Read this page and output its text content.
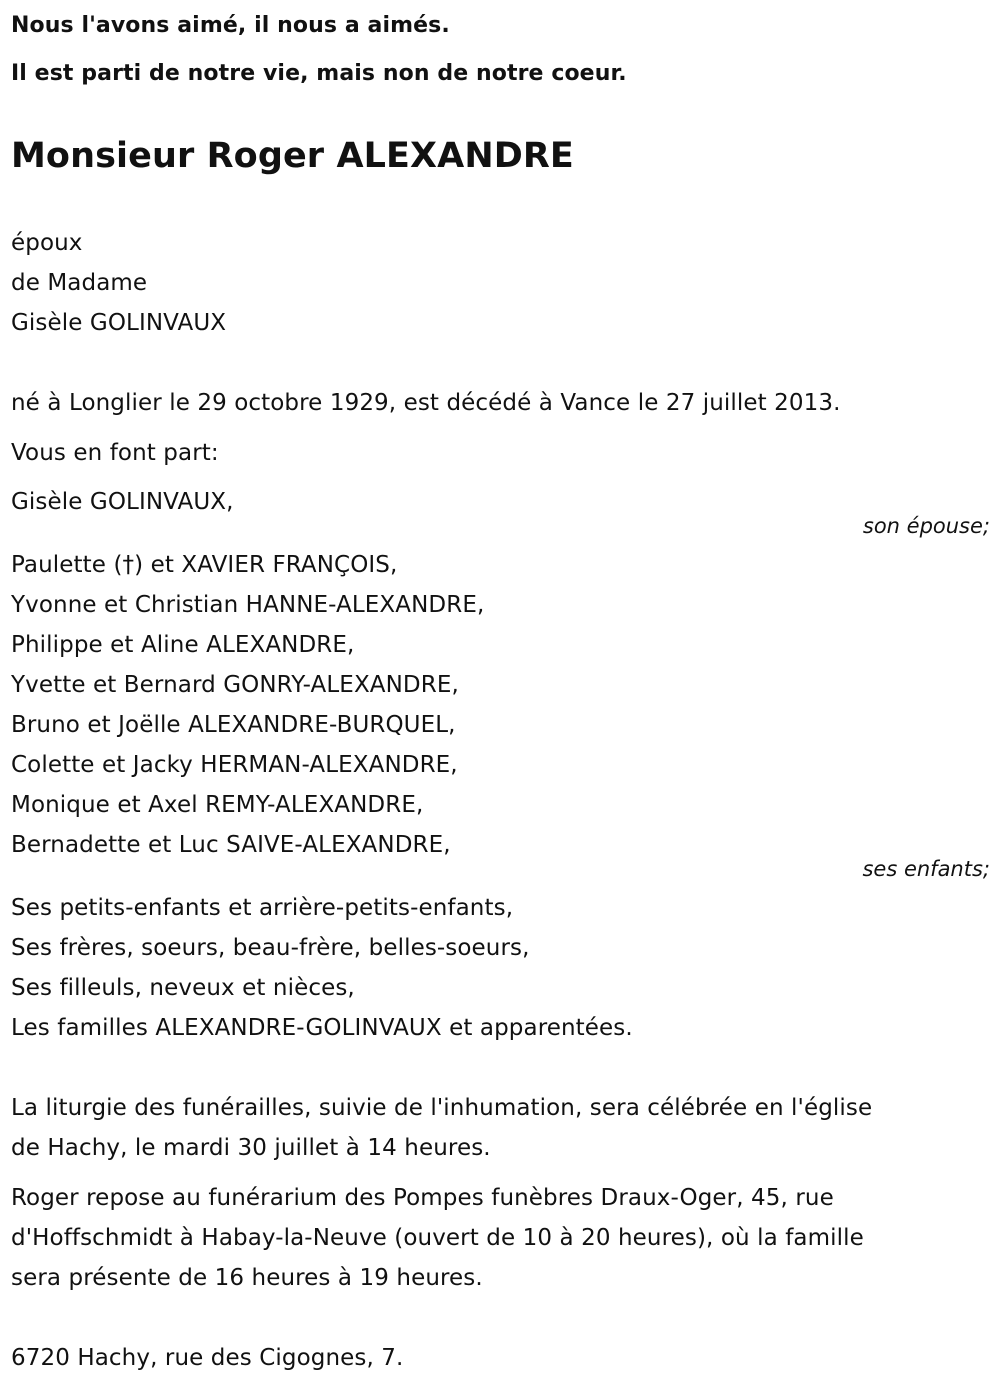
Nous l'avons aimé, il nous a aimés.
Il est parti de notre vie, mais non de notre coeur.
Monsieur Roger ALEXANDRE
époux
de Madame
Gisèle GOLINVAUX
né à Longlier le 29 octobre 1929, est décédé à Vance le 27 juillet 2013.
Vous en font part:
Gisèle GOLINVAUX,
son épouse;
Paulette (†) et XAVIER FRANÇOIS,
Yvonne et Christian HANNE-ALEXANDRE,
Philippe et Aline ALEXANDRE,
Yvette et Bernard GONRY-ALEXANDRE,
Bruno et Joëlle ALEXANDRE-BURQUEL,
Colette et Jacky HERMAN-ALEXANDRE,
Monique et Axel REMY-ALEXANDRE,
Bernadette et Luc SAIVE-ALEXANDRE,
ses enfants;
Ses petits-enfants et arrière-petits-enfants,
Ses frères, soeurs, beau-frère, belles-soeurs,
Ses filleuls, neveux et nièces,
Les familles ALEXANDRE-GOLINVAUX et apparentées.
La liturgie des funérailles, suivie de l'inhumation, sera célébrée en l'église
de Hachy, le mardi 30 juillet à 14 heures.
Roger repose au funérarium des Pompes funèbres Draux-Oger, 45, rue
d'Hoffschmidt à Habay-la-Neuve (ouvert de 10 à 20 heures), où la famille
sera présente de 16 heures à 19 heures.
6720 Hachy, rue des Cigognes, 7.
